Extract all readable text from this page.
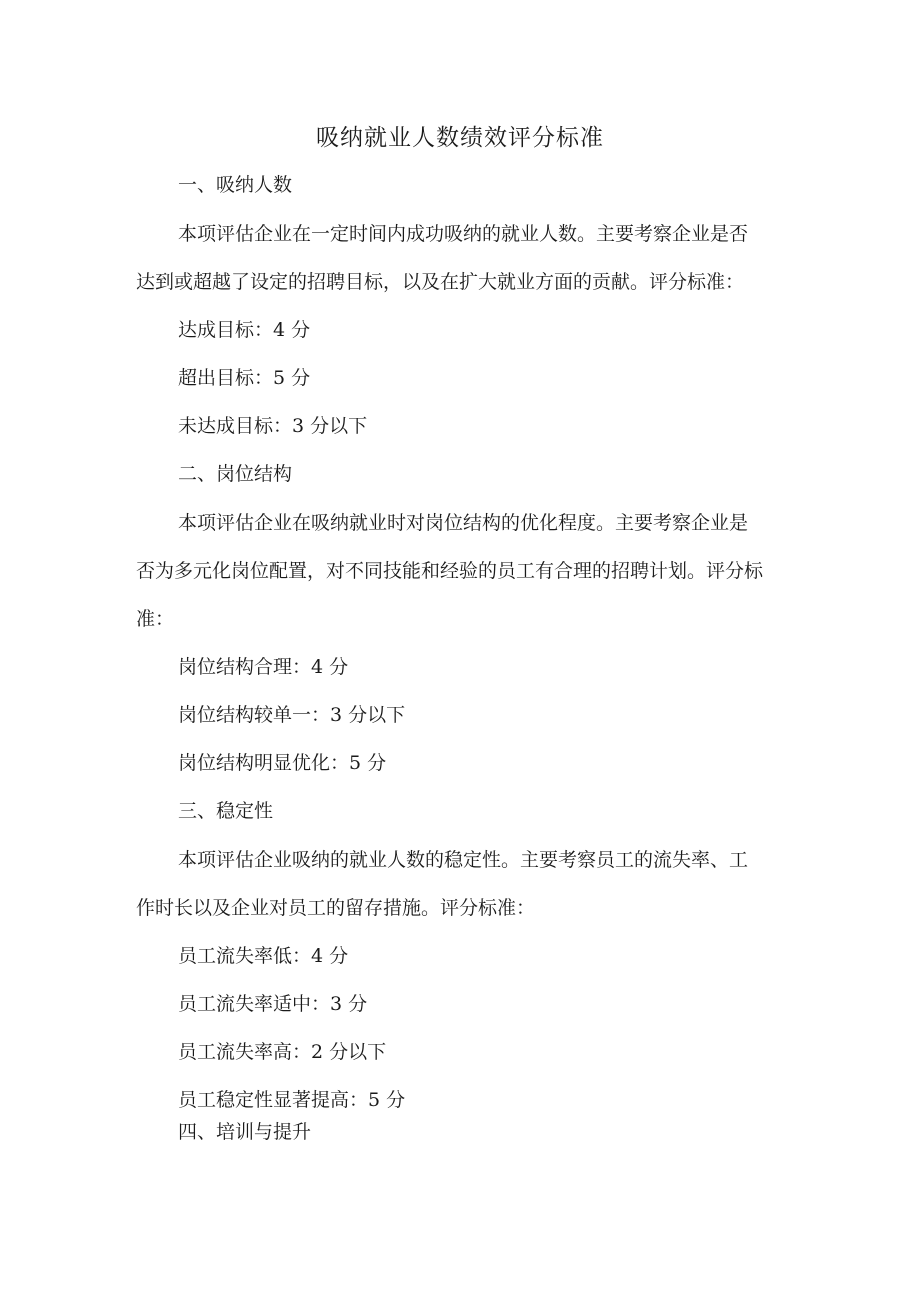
吸纳就业人数绩效评分标准
一、吸纳人数
本项评估企业在一定时间内成功吸纳的就业人数。主要考察企业是否
达到或超越了设定的招聘目标，以及在扩大就业方面的贡献。评分标准：
达成目标：4 分
超出目标：5 分
未达成目标：3 分以下
二、岗位结构
本项评估企业在吸纳就业时对岗位结构的优化程度。主要考察企业是
否为多元化岗位配置，对不同技能和经验的员工有合理的招聘计划。评分标
准：
岗位结构合理：4 分
岗位结构较单一：3 分以下
岗位结构明显优化：5 分
三、稳定性
本项评估企业吸纳的就业人数的稳定性。主要考察员工的流失率、工
作时长以及企业对员工的留存措施。评分标准：
员工流失率低：4 分
员工流失率适中：3 分
员工流失率高：2 分以下
员工稳定性显著提高：5 分
四、培训与提升
